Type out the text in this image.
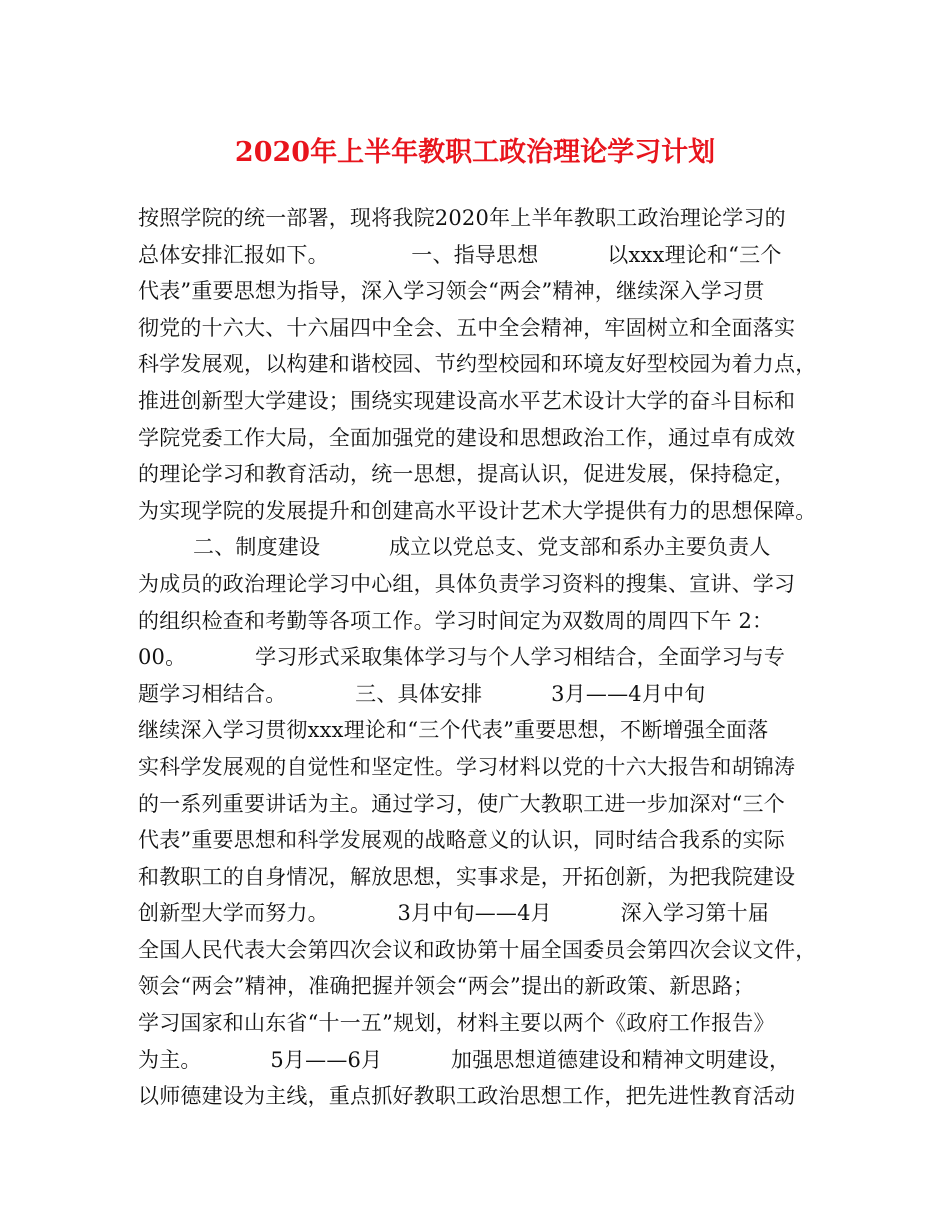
2020年上半年教职工政治理论学习计划
按照学院的统一部署，现将我院2020年上半年教职工政治理论学习的
总体安排汇报如下。            一、指导思想          以xxx理论和“三个
代表”重要思想为指导，深入学习领会“两会”精神，继续深入学习贯
彻党的十六大、十六届四中全会、五中全会精神，牢固树立和全面落实
科学发展观，以构建和谐校园、节约型校园和环境友好型校园为着力点，
推进创新型大学建设；围绕实现建设高水平艺术设计大学的奋斗目标和
学院党委工作大局，全面加强党的建设和思想政治工作，通过卓有成效
的理论学习和教育活动，统一思想，提高认识，促进发展，保持稳定，
为实现学院的发展提升和创建高水平设计艺术大学提供有力的思想保障。
二、制度建设          成立以党总支、党支部和系办主要负责人
为成员的政治理论学习中心组，具体负责学习资料的搜集、宣讲、学习
的组织检查和考勤等各项工作。学习时间定为双数周的周四下午 2：
00。          学习形式采取集体学习与个人学习相结合，全面学习与专
题学习相结合。          三、具体安排          3月——4月中旬
继续深入学习贯彻xxx理论和“三个代表”重要思想，不断增强全面落
实科学发展观的自觉性和坚定性。学习材料以党的十六大报告和胡锦涛
的一系列重要讲话为主。通过学习，使广大教职工进一步加深对“三个
代表”重要思想和科学发展观的战略意义的认识，同时结合我系的实际
和教职工的自身情况，解放思想，实事求是，开拓创新，为把我院建设
创新型大学而努力。          3月中旬——4月          深入学习第十届
全国人民代表大会第四次会议和政协第十届全国委员会第四次会议文件，
领会“两会”精神，准确把握并领会“两会”提出的新政策、新思路；
学习国家和山东省“十一五”规划，材料主要以两个《政府工作报告》
为主。          5月——6月          加强思想道德建设和精神文明建设，
以师德建设为主线，重点抓好教职工政治思想工作，把先进性教育活动
